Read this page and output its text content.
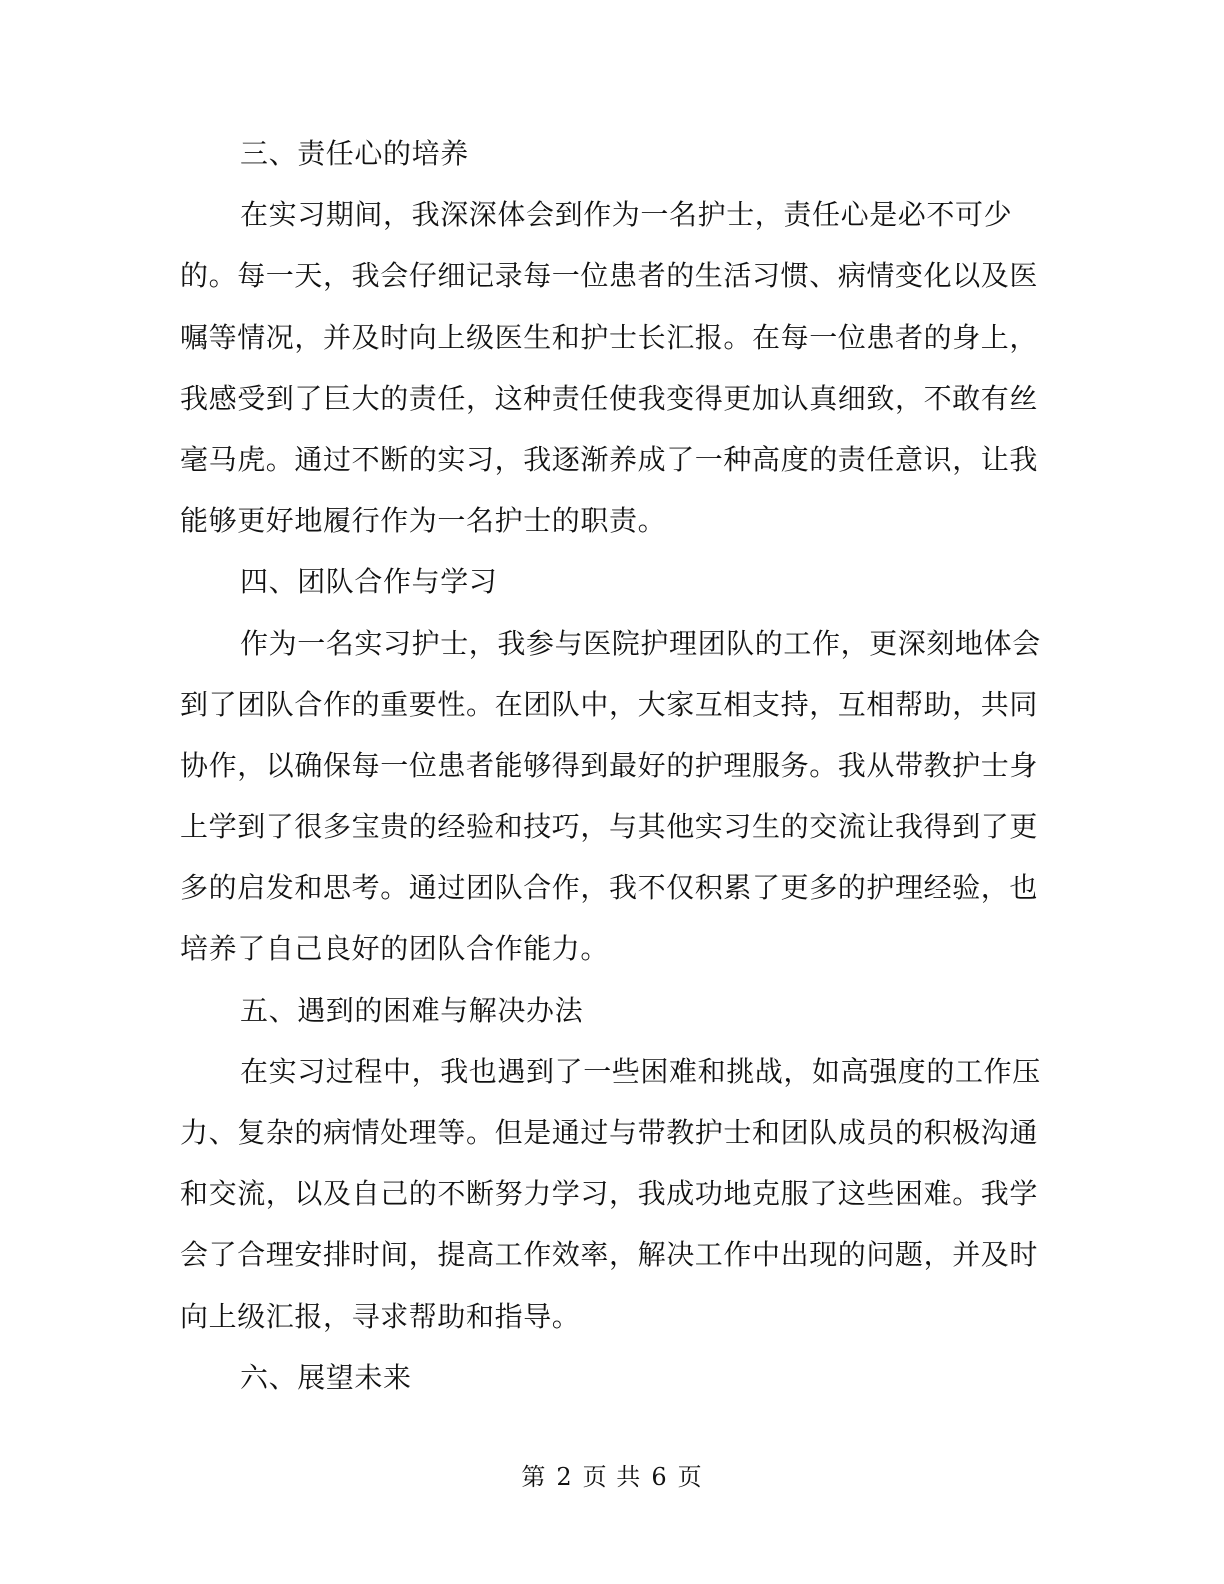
三、责任心的培养
在实习期间，我深深体会到作为一名护士，责任心是必不可少
的。每一天，我会仔细记录每一位患者的生活习惯、病情变化以及医
嘱等情况，并及时向上级医生和护士长汇报。在每一位患者的身上，
我感受到了巨大的责任，这种责任使我变得更加认真细致，不敢有丝
毫马虎。通过不断的实习，我逐渐养成了一种高度的责任意识，让我
能够更好地履行作为一名护士的职责。
四、团队合作与学习
作为一名实习护士，我参与医院护理团队的工作，更深刻地体会
到了团队合作的重要性。在团队中，大家互相支持，互相帮助，共同
协作，以确保每一位患者能够得到最好的护理服务。我从带教护士身
上学到了很多宝贵的经验和技巧，与其他实习生的交流让我得到了更
多的启发和思考。通过团队合作，我不仅积累了更多的护理经验，也
培养了自己良好的团队合作能力。
五、遇到的困难与解决办法
在实习过程中，我也遇到了一些困难和挑战，如高强度的工作压
力、复杂的病情处理等。但是通过与带教护士和团队成员的积极沟通
和交流，以及自己的不断努力学习，我成功地克服了这些困难。我学
会了合理安排时间，提高工作效率，解决工作中出现的问题，并及时
向上级汇报，寻求帮助和指导。
六、展望未来
第 2 页 共 6 页
